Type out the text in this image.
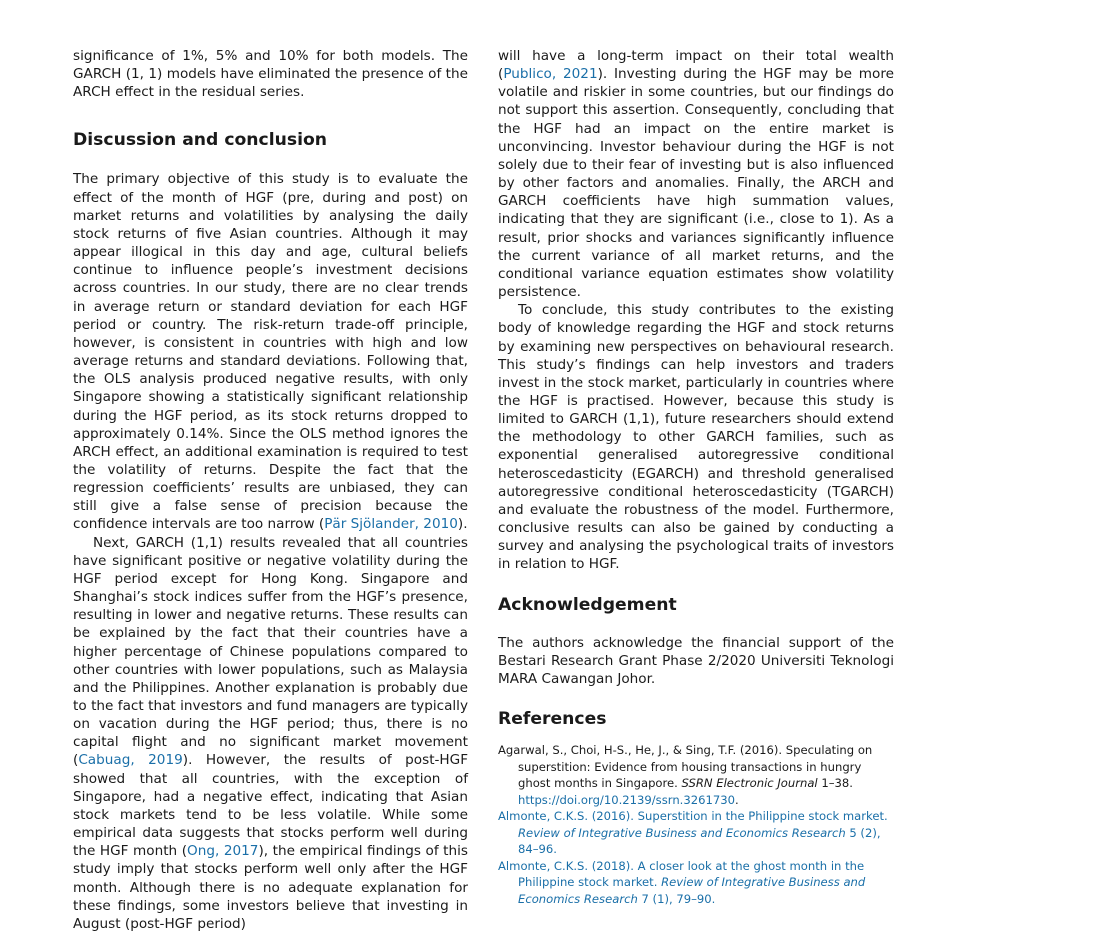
significance of 1%, 5% and 10% for both models. The GARCH (1, 1) models have eliminated the presence of the ARCH effect in the residual series.

Discussion and conclusion

The primary objective of this study is to evaluate the effect of the month of HGF (pre, during and post) on market returns and volatilities by analysing the daily stock returns of five Asian countries. Although it may appear illogical in this day and age, cultural beliefs continue to influence people’s investment decisions across countries. In our study, there are no clear trends in average return or standard deviation for each HGF period or country. The risk-return trade-off principle, however, is consistent in countries with high and low average returns and standard deviations. Following that, the OLS analysis produced negative results, with only Singapore showing a statistically significant relationship during the HGF period, as its stock returns dropped to approximately 0.14%. Since the OLS method ignores the ARCH effect, an additional examination is required to test the volatility of returns. Despite the fact that the regression coefficients’ results are unbiased, they can still give a false sense of precision because the confidence intervals are too narrow (Pӓr Sjӧlander, 2010).

Next, GARCH (1,1) results revealed that all countries have significant positive or negative volatility during the HGF period except for Hong Kong. Singapore and Shanghai’s stock indices suffer from the HGF’s presence, resulting in lower and negative returns. These results can be explained by the fact that their countries have a higher percentage of Chinese populations compared to other countries with lower populations, such as Malaysia and the Philippines. Another explanation is probably due to the fact that investors and fund managers are typically on vacation during the HGF period; thus, there is no capital flight and no significant market movement (Cabuag, 2019). However, the results of post-HGF showed that all countries, with the exception of Singapore, had a negative effect, indicating that Asian stock markets tend to be less volatile. While some empirical data suggests that stocks perform well during the HGF month (Ong, 2017), the empirical findings of this study imply that stocks perform well only after the HGF month. Although there is no adequate explanation for these findings, some investors believe that investing in August (post-HGF period)

will have a long-term impact on their total wealth (Publico, 2021). Investing during the HGF may be more volatile and riskier in some countries, but our findings do not support this assertion. Consequently, concluding that the HGF had an impact on the entire market is unconvincing. Investor behaviour during the HGF is not solely due to their fear of investing but is also influenced by other factors and anomalies. Finally, the ARCH and GARCH coefficients have high summation values, indicating that they are significant (i.e., close to 1). As a result, prior shocks and variances significantly influence the current variance of all market returns, and the conditional variance equation estimates show volatility persistence.

To conclude, this study contributes to the existing body of knowledge regarding the HGF and stock returns by examining new perspectives on behavioural research. This study’s findings can help investors and traders invest in the stock market, particularly in countries where the HGF is practised. However, because this study is limited to GARCH (1,1), future researchers should extend the methodology to other GARCH families, such as exponential generalised autoregressive conditional heteroscedasticity (EGARCH) and threshold generalised autoregressive conditional heteroscedasticity (TGARCH) and evaluate the robustness of the model. Furthermore, conclusive results can also be gained by conducting a survey and analysing the psychological traits of investors in relation to HGF.

Acknowledgement

The authors acknowledge the financial support of the Bestari Research Grant Phase 2/2020 Universiti Teknologi MARA Cawangan Johor.

References

Agarwal, S., Choi, H-S., He, J., & Sing, T.F. (2016). Speculating on superstition: Evidence from housing transactions in hungry ghost months in Singapore. SSRN Electronic Journal 1–38. https://doi.org/10.2139/ssrn.3261730.

Almonte, C.K.S. (2016). Superstition in the Philippine stock market. Review of Integrative Business and Economics Research 5 (2), 84–96.

Almonte, C.K.S. (2018). A closer look at the ghost month in the Philippine stock market. Review of Integrative Business and Economics Research 7 (1), 79–90.
